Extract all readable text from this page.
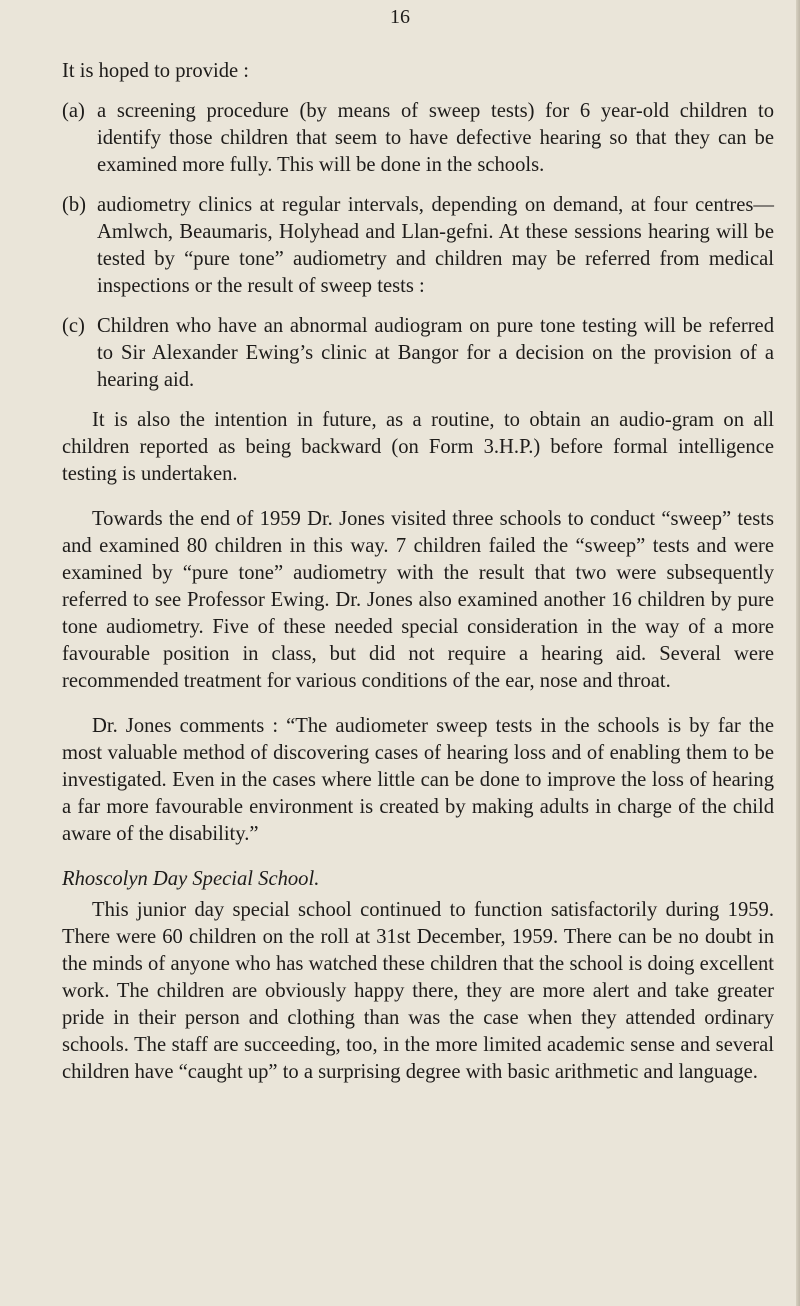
16

It is hoped to provide :

(a) a screening procedure (by means of sweep tests) for 6 year-old children to identify those children that seem to have defective hearing so that they can be examined more fully. This will be done in the schools.
(b) audiometry clinics at regular intervals, depending on demand, at four centres—Amlwch, Beaumaris, Holyhead and Llan-gefni. At these sessions hearing will be tested by “pure tone” audiometry and children may be referred from medical inspections or the result of sweep tests :
(c) Children who have an abnormal audiogram on pure tone testing will be referred to Sir Alexander Ewing’s clinic at Bangor for a decision on the provision of a hearing aid.

It is also the intention in future, as a routine, to obtain an audio-gram on all children reported as being backward (on Form 3.H.P.) before formal intelligence testing is undertaken.

Towards the end of 1959 Dr. Jones visited three schools to conduct “sweep” tests and examined 80 children in this way. 7 children failed the “sweep” tests and were examined by “pure tone” audiometry with the result that two were subsequently referred to see Professor Ewing. Dr. Jones also examined another 16 children by pure tone audiometry. Five of these needed special consideration in the way of a more favourable position in class, but did not require a hearing aid. Several were recommended treatment for various conditions of the ear, nose and throat.

Dr. Jones comments : “The audiometer sweep tests in the schools is by far the most valuable method of discovering cases of hearing loss and of enabling them to be investigated. Even in the cases where little can be done to improve the loss of hearing a far more favourable environment is created by making adults in charge of the child aware of the disability.”

Rhoscolyn Day Special School.

This junior day special school continued to function satisfactorily during 1959. There were 60 children on the roll at 31st December, 1959. There can be no doubt in the minds of anyone who has watched these children that the school is doing excellent work. The children are obviously happy there, they are more alert and take greater pride in their person and clothing than was the case when they attended ordinary schools. The staff are succeeding, too, in the more limited academic sense and several children have “caught up” to a surprising degree with basic arithmetic and language.
